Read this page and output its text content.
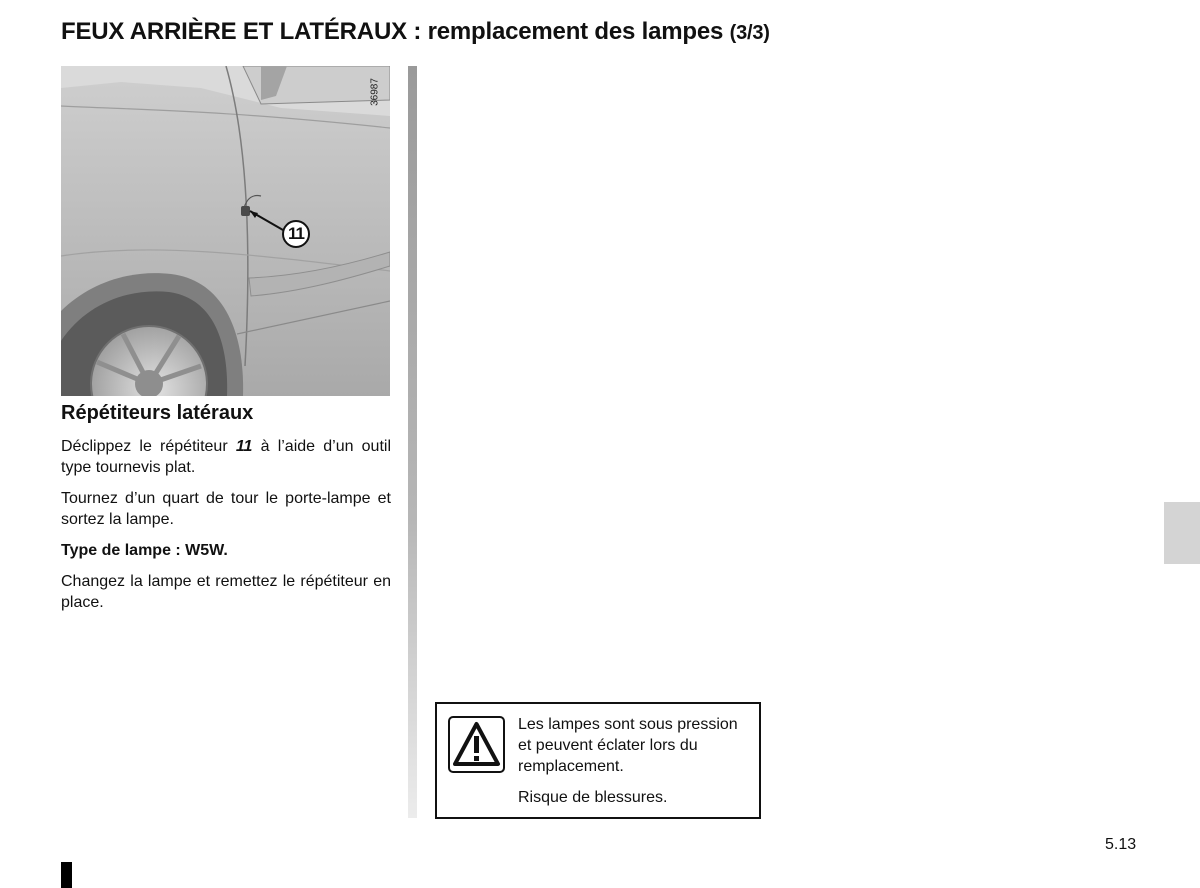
FEUX ARRIÈRE ET LATÉRAUX : remplacement des lampes (3/3)
36987
11
Répétiteurs latéraux

Déclippez le répétiteur 11 à l’aide d’un outil type tournevis plat.

Tournez d’un quart de tour le porte-lampe et sortez la lampe.

Type de lampe : W5W.

Changez la lampe et remettez le répétiteur en place.

Les lampes sont sous pression et peuvent éclater lors du remplacement.

Risque de blessures.

5.13
